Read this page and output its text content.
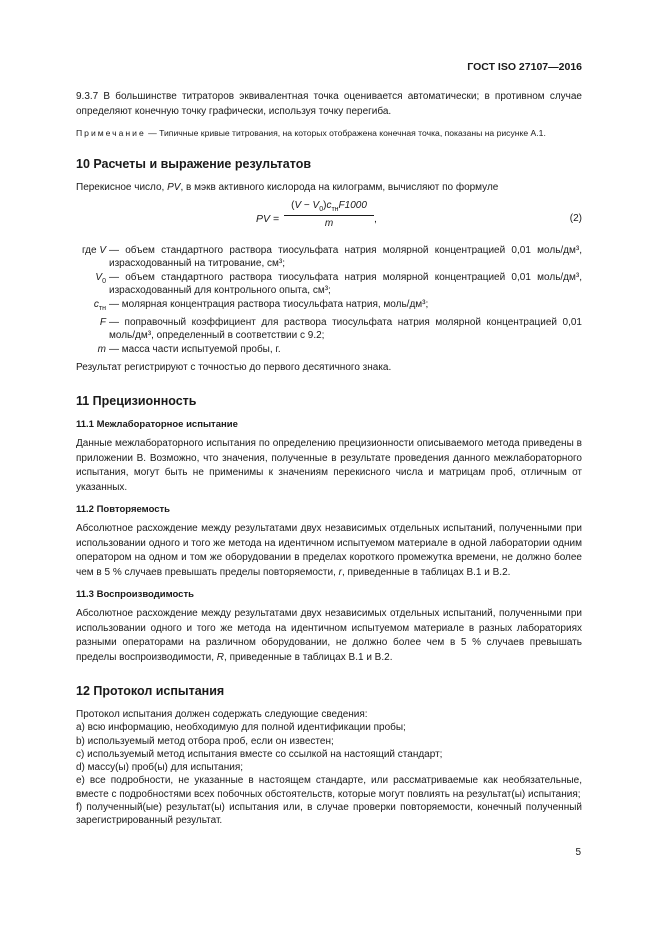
ГОСТ ISO 27107—2016

9.3.7 В большинстве титраторов эквивалентная точка оценивается автоматически; в противном случае определяют конечную точку графически, используя точку перегиба.

Примечание — Типичные кривые титрования, на которых отображена конечная точка, показаны на рисунке А.1.

10 Расчеты и выражение результатов

Перекисное число, PV, в мэкв активного кислорода на килограмм, вычисляют по формуле

PV =
$(V - V_0)c_{тн}F1000$
m	,	(2)
где V — объем стандартного раствора тиосульфата натрия молярной концентрацией 0,01 моль/дм³, израсходованный на титрование, см³;
$V_0$ — объем стандартного раствора тиосульфата натрия молярной концентрацией 0,01 моль/дм³, израсходованный для контрольного опыта, см³;
$c_{тн}$ — молярная концентрация раствора тиосульфата натрия, моль/дм³;
F — поправочный коэффициент для раствора тиосульфата натрия молярной концентрацией 0,01 моль/дм³, определенный в соответствии с 9.2;
m — масса части испытуемой пробы, г.

Результат регистрируют с точностью до первого десятичного знака.

11 Прецизионность
11.1 Межлабораторное испытание

Данные межлабораторного испытания по определению прецизионности описываемого метода приведены в приложении В. Возможно, что значения, полученные в результате проведения данного межлабораторного испытания, могут быть не применимы к значениям перекисного числа и матрицам проб, отличным от указанных.

11.2 Повторяемость

Абсолютное расхождение между результатами двух независимых отдельных испытаний, полученными при использовании одного и того же метода на идентичном испытуемом материале в одной лаборатории одним оператором на одном и том же оборудовании в пределах короткого промежутка времени, не должно более чем в 5 % случаев превышать пределы повторяемости, r, приведенные в таблицах В.1 и В.2.

11.3 Воспроизводимость

Абсолютное расхождение между результатами двух независимых отдельных испытаний, полученными при использовании одного и того же метода на идентичном испытуемом материале в разных лабораториях разными операторами на различном оборудовании, не должно более чем в 5 % случаев превышать пределы воспроизводимости, R, приведенные в таблицах В.1 и В.2.

12 Протокол испытания

Протокол испытания должен содержать следующие сведения:

a) всю информацию, необходимую для полной идентификации пробы;

b) используемый метод отбора проб, если он известен;

c) используемый метод испытания вместе со ссылкой на настоящий стандарт;

d) массу(ы) проб(ы) для испытания;

e) все подробности, не указанные в настоящем стандарте, или рассматриваемые как необязательные, вместе с подробностями всех побочных обстоятельств, которые могут повлиять на результат(ы) испытания;

f) полученный(ые) результат(ы) испытания или, в случае проверки повторяемости, конечный полученный зарегистрированный результат.

5
